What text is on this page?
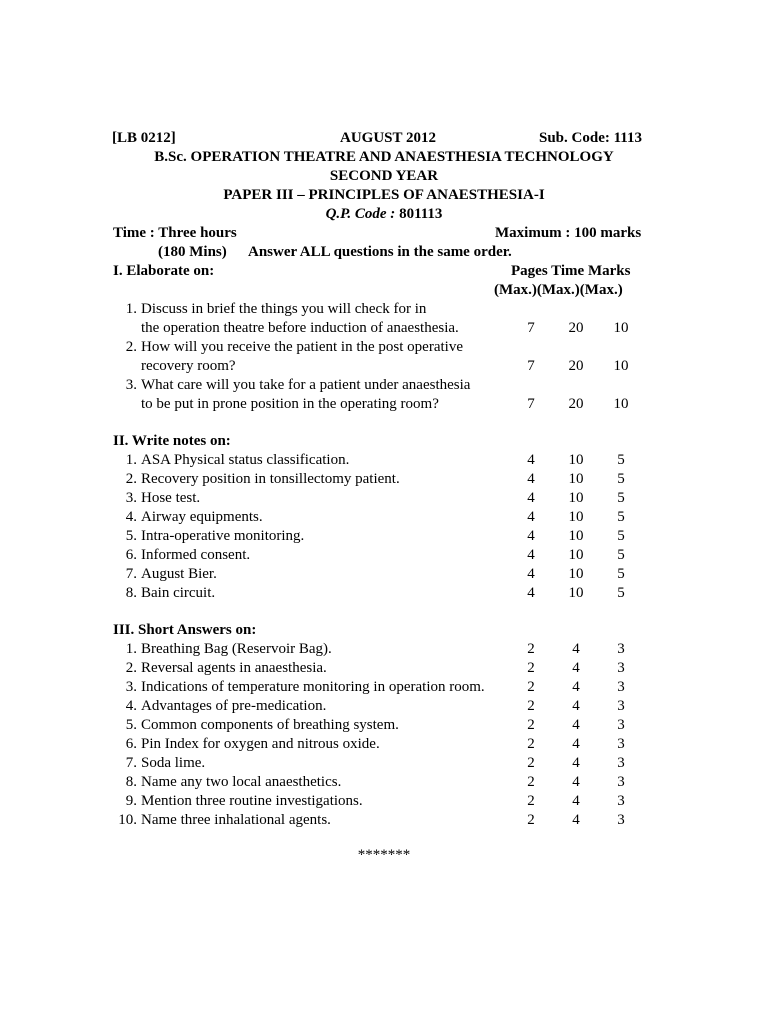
[LB 0212]	AUGUST 2012	Sub. Code: 1113
B.Sc. OPERATION THEATRE AND ANAESTHESIA TECHNOLOGY
SECOND YEAR
PAPER III – PRINCIPLES OF ANAESTHESIA-I
Q.P. Code : 801113
Time : Three hours	Maximum : 100 marks
(180 Mins) Answer ALL questions in the same order.
I. Elaborate on:	Pages Time Marks
(Max.)(Max.)(Max.)
1. Discuss in brief the things you will check for in
the operation theatre before induction of anaesthesia.	7	20	10
2. How will you receive the patient in the post operative
recovery room?	7	20	10
3. What care will you take for a patient under anaesthesia
to be put in prone position in the operating room?	7	20	10
II. Write notes on:
1. ASA Physical status classification.	4	10	5
2. Recovery position in tonsillectomy patient.	4	10	5
3. Hose test.	4	10	5
4. Airway equipments.	4	10	5
5. Intra-operative monitoring.	4	10	5
6. Informed consent.	4	10	5
7. August Bier.	4	10	5
8. Bain circuit.	4	10	5
III. Short Answers on:
1. Breathing Bag (Reservoir Bag).	2	4	3
2. Reversal agents in anaesthesia.	2	4	3
3. Indications of temperature monitoring in operation room.	2	4	3
4. Advantages of pre-medication.	2	4	3
5. Common components of breathing system.	2	4	3
6. Pin Index for oxygen and nitrous oxide.	2	4	3
7. Soda lime.	2	4	3
8. Name any two local anaesthetics.	2	4	3
9. Mention three routine investigations.	2	4	3
10. Name three inhalational agents.	2	4	3
*******
